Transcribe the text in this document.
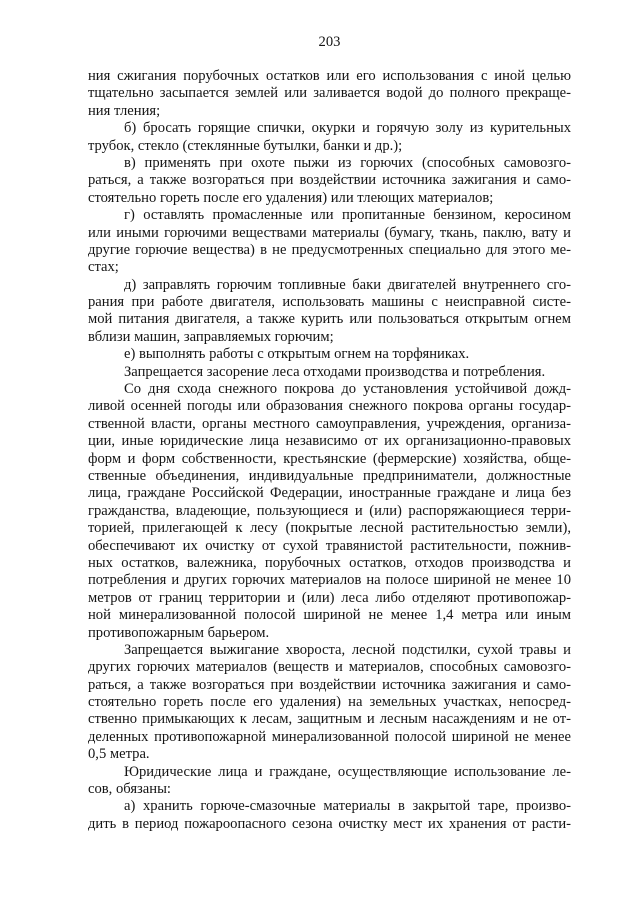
203
ния сжигания порубочных остатков или его использования с иной целью
тщательно засыпается землей или заливается водой до полного прекраще-
ния тления;
б) бросать горящие спички, окурки и горячую золу из курительных
трубок, стекло (стеклянные бутылки, банки и др.);
в) применять при охоте пыжи из горючих (способных самовозго-
раться, а также возгораться при воздействии источника зажигания и само-
стоятельно гореть после его удаления) или тлеющих материалов;
г) оставлять промасленные или пропитанные бензином, керосином
или иными горючими веществами материалы (бумагу, ткань, паклю, вату и
другие горючие вещества) в не предусмотренных специально для этого ме-
стах;
д) заправлять горючим топливные баки двигателей внутреннего сго-
рания при работе двигателя, использовать машины с неисправной систе-
мой питания двигателя, а также курить или пользоваться открытым огнем
вблизи машин, заправляемых горючим;
е) выполнять работы с открытым огнем на торфяниках.
Запрещается засорение леса отходами производства и потребления.
Со дня схода снежного покрова до установления устойчивой дожд-
ливой осенней погоды или образования снежного покрова органы государ-
ственной власти, органы местного самоуправления, учреждения, организа-
ции, иные юридические лица независимо от их организационно-правовых
форм и форм собственности, крестьянские (фермерские) хозяйства, обще-
ственные объединения, индивидуальные предприниматели, должностные
лица, граждане Российской Федерации, иностранные граждане и лица без
гражданства, владеющие, пользующиеся и (или) распоряжающиеся терри-
торией, прилегающей к лесу (покрытые лесной растительностью земли),
обеспечивают их очистку от сухой травянистой растительности, пожнив-
ных остатков, валежника, порубочных остатков, отходов производства и
потребления и других горючих материалов на полосе шириной не менее 10
метров от границ территории и (или) леса либо отделяют противопожар-
ной минерализованной полосой шириной не менее 1,4 метра или иным
противопожарным барьером.
Запрещается выжигание хвороста, лесной подстилки, сухой травы и
других горючих материалов (веществ и материалов, способных самовозго-
раться, а также возгораться при воздействии источника зажигания и само-
стоятельно гореть после его удаления) на земельных участках, непосред-
ственно примыкающих к лесам, защитным и лесным насаждениям и не от-
деленных противопожарной минерализованной полосой шириной не менее
0,5 метра.
Юридические лица и граждане, осуществляющие использование ле-
сов, обязаны:
а) хранить горюче-смазочные материалы в закрытой таре, произво-
дить в период пожароопасного сезона очистку мест их хранения от расти-
